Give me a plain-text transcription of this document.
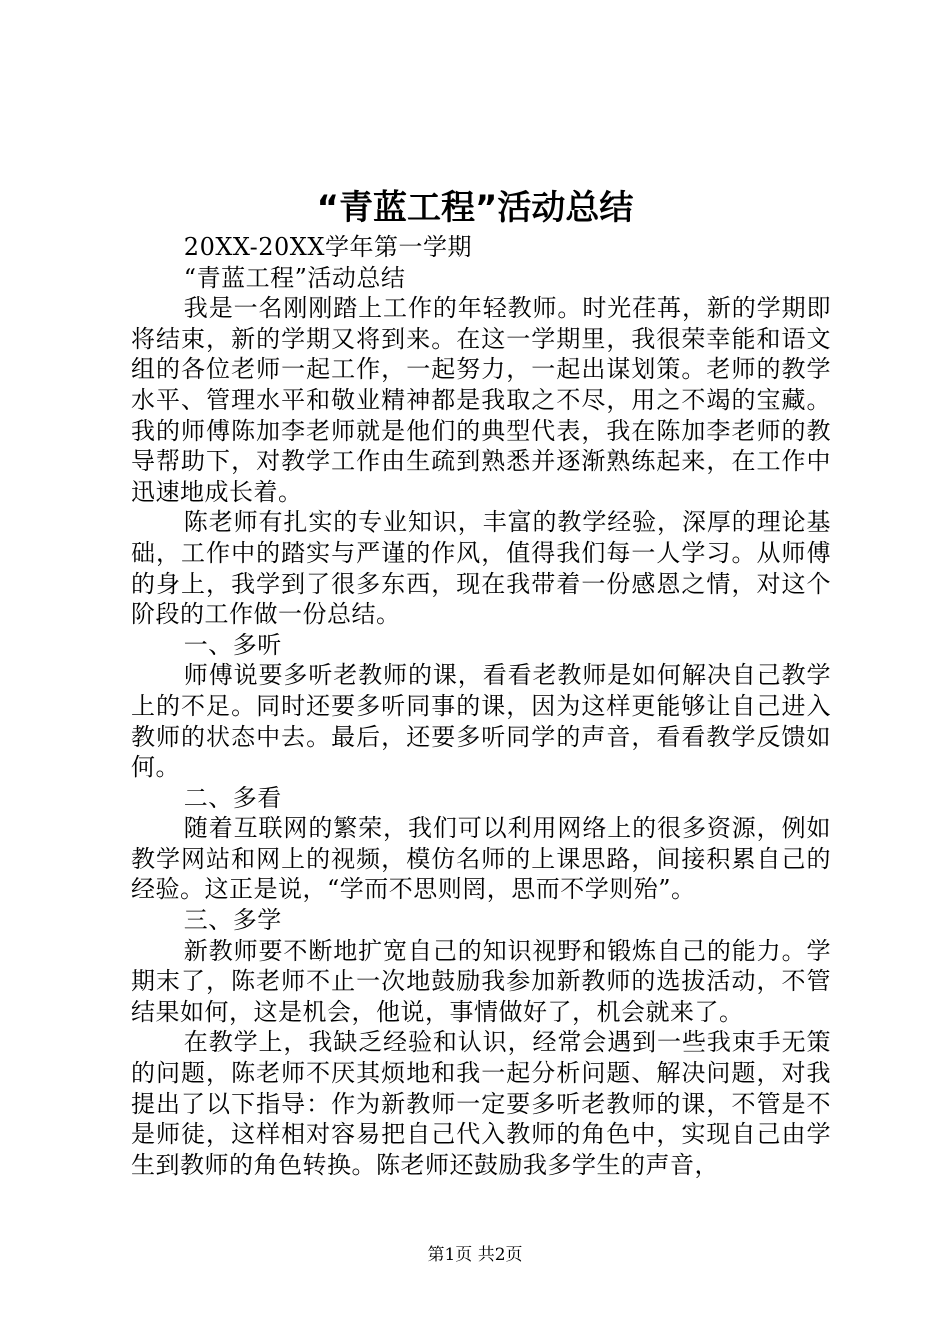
“青蓝工程”活动总结

20XX-20XX学年第一学期

“青蓝工程”活动总结

我是一名刚刚踏上工作的年轻教师。时光荏苒，新的学期即将结束，新的学期又将到来。在这一学期里，我很荣幸能和语文组的各位老师一起工作，一起努力，一起出谋划策。老师的教学水平、管理水平和敬业精神都是我取之不尽，用之不竭的宝藏。我的师傅陈加李老师就是他们的典型代表，我在陈加李老师的教导帮助下，对教学工作由生疏到熟悉并逐渐熟练起来，在工作中迅速地成长着。

陈老师有扎实的专业知识，丰富的教学经验，深厚的理论基础，工作中的踏实与严谨的作风，值得我们每一人学习。从师傅的身上，我学到了很多东西，现在我带着一份感恩之情，对这个阶段的工作做一份总结。

一、多听

师傅说要多听老教师的课，看看老教师是如何解决自己教学上的不足。同时还要多听同事的课，因为这样更能够让自己进入教师的状态中去。最后，还要多听同学的声音，看看教学反馈如何。

二、多看

随着互联网的繁荣，我们可以利用网络上的很多资源，例如教学网站和网上的视频，模仿名师的上课思路，间接积累自己的经验。这正是说，“学而不思则罔，思而不学则殆”。

三、多学

新教师要不断地扩宽自己的知识视野和锻炼自己的能力。学期末了，陈老师不止一次地鼓励我参加新教师的选拔活动，不管结果如何，这是机会，他说，事情做好了，机会就来了。

在教学上，我缺乏经验和认识，经常会遇到一些我束手无策的问题，陈老师不厌其烦地和我一起分析问题、解决问题，对我提出了以下指导：作为新教师一定要多听老教师的课，不管是不是师徒，这样相对容易把自己代入教师的角色中，实现自己由学生到教师的角色转换。陈老师还鼓励我多学生的声音，

第1页 共2页
